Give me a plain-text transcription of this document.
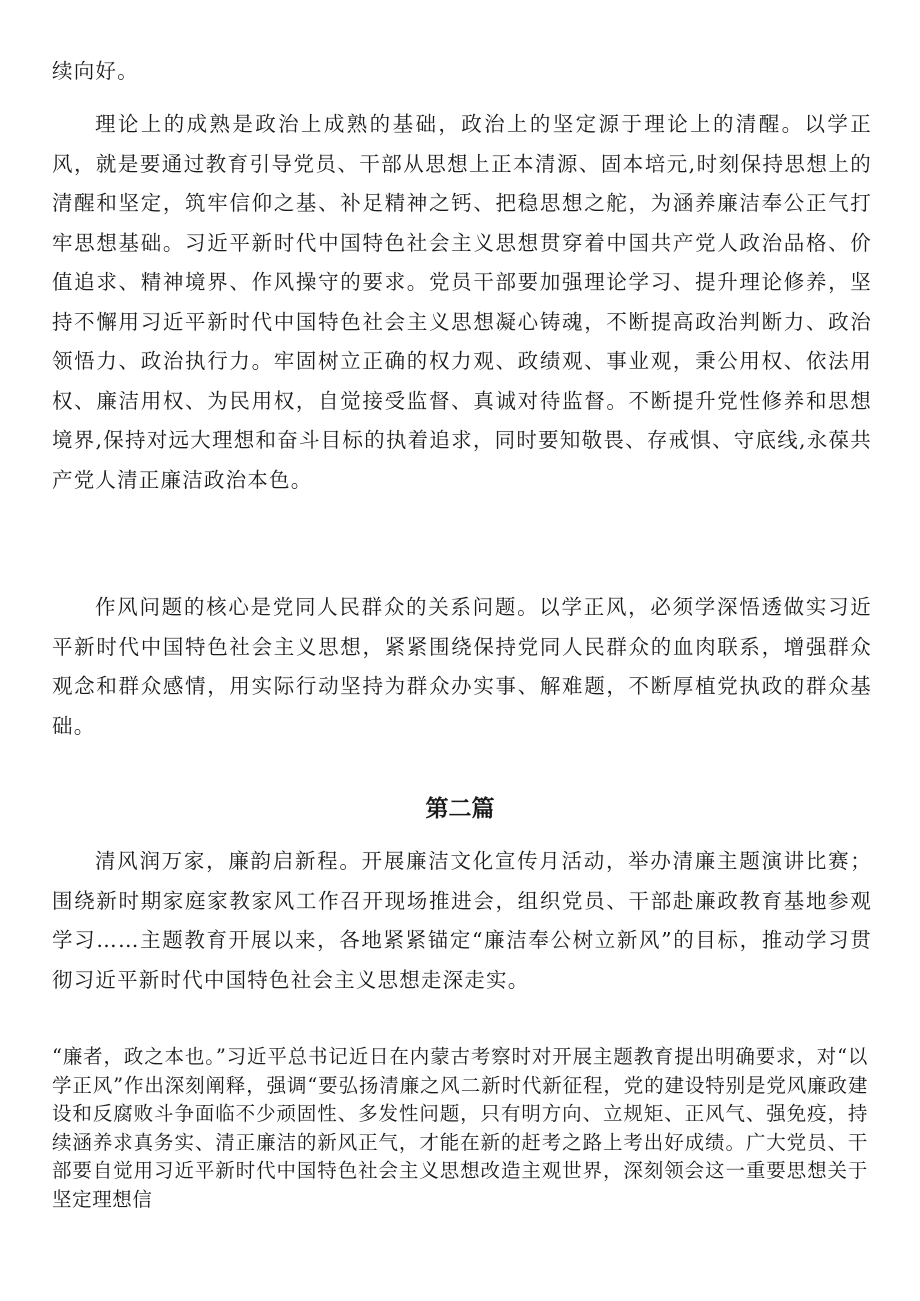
续向好。

理论上的成熟是政治上成熟的基础，政治上的坚定源于理论上的清醒。以学正风，就是要通过教育引导党员、干部从思想上正本清源、固本培元,时刻保持思想上的清醒和坚定，筑牢信仰之基、补足精神之钙、把稳思想之舵，为涵养廉洁奉公正气打牢思想基础。习近平新时代中国特色社会主义思想贯穿着中国共产党人政治品格、价值追求、精神境界、作风操守的要求。党员干部要加强理论学习、提升理论修养，坚持不懈用习近平新时代中国特色社会主义思想凝心铸魂，不断提高政治判断力、政治领悟力、政治执行力。牢固树立正确的权力观、政绩观、事业观，秉公用权、依法用权、廉洁用权、为民用权，自觉接受监督、真诚对待监督。不断提升党性修养和思想境界,保持对远大理想和奋斗目标的执着追求，同时要知敬畏、存戒惧、守底线,永葆共产党人清正廉洁政治本色。

作风问题的核心是党同人民群众的关系问题。以学正风，必须学深悟透做实习近平新时代中国特色社会主义思想，紧紧围绕保持党同人民群众的血肉联系，增强群众观念和群众感情，用实际行动坚持为群众办实事、解难题，不断厚植党执政的群众基础。

第二篇

清风润万家，廉韵启新程。开展廉洁文化宣传月活动，举办清廉主题演讲比赛；围绕新时期家庭家教家风工作召开现场推进会，组织党员、干部赴廉政教育基地参观学习……主题教育开展以来，各地紧紧锚定“廉洁奉公树立新风”的目标，推动学习贯彻习近平新时代中国特色社会主义思想走深走实。

“廉者，政之本也。”习近平总书记近日在内蒙古考察时对开展主题教育提出明确要求，对“以学正风”作出深刻阐释，强调“要弘扬清廉之风二新时代新征程，党的建设特别是党风廉政建设和反腐败斗争面临不少顽固性、多发性问题，只有明方向、立规矩、正风气、强免疫，持续涵养求真务实、清正廉洁的新风正气，才能在新的赶考之路上考出好成绩。广大党员、干部要自觉用习近平新时代中国特色社会主义思想改造主观世界，深刻领会这一重要思想关于坚定理想信
